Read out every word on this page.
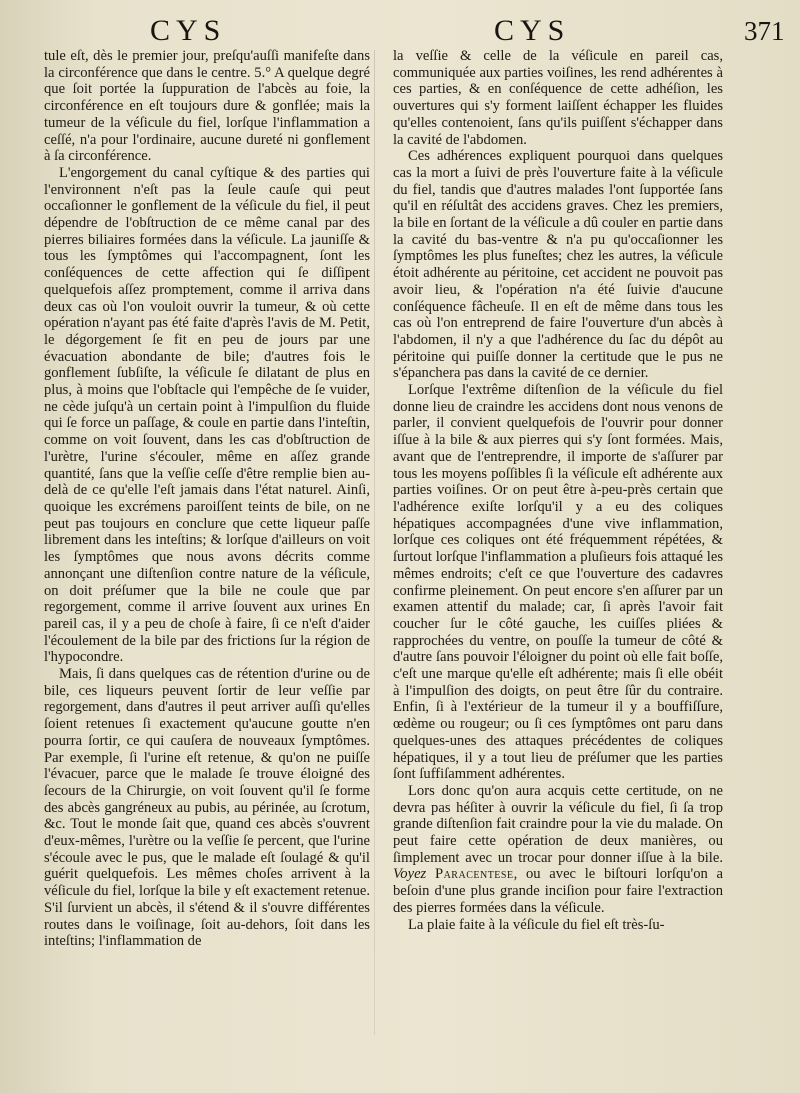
CYS	CYS	371

tule eſt, dès le premier jour, preſqu'auſſi manifeſte dans la circonférence que dans le centre. 5.° A quelque degré que ſoit portée la ſuppuration de l'abcès au foie, la circonférence en eſt toujours dure & gonflée; mais la tumeur de la véſicule du fiel, lorſque l'inflammation a ceſſé, n'a pour l'ordinaire, aucune dureté ni gonflement à ſa circonférence.

L'engorgement du canal cyſtique & des parties qui l'environnent n'eſt pas la ſeule cauſe qui peut occaſionner le gonflement de la véſicule du fiel, il peut dépendre de l'obſtruction de ce même canal par des pierres biliaires formées dans la véſicule. La jauniſſe & tous les ſymptômes qui l'accompagnent, ſont les conſéquences de cette affection qui ſe diſſipent quelquefois aſſez promptement, comme il arriva dans deux cas où l'on vouloit ouvrir la tumeur, & où cette opération n'ayant pas été faite d'après l'avis de M. Petit, le dégorgement ſe fit en peu de jours par une évacuation abondante de bile; d'autres fois le gonflement ſubſiſte, la véſicule ſe dilatant de plus en plus, à moins que l'obſtacle qui l'empêche de ſe vuider, ne cède juſqu'à un certain point à l'impulſion du fluide qui ſe force un paſſage, & coule en partie dans l'inteſtin, comme on voit ſouvent, dans les cas d'obſtruction de l'urètre, l'urine s'écouler, même en aſſez grande quantité, ſans que la veſſie ceſſe d'être remplie bien au-delà de ce qu'elle l'eſt jamais dans l'état naturel. Ainſi, quoique les excrémens paroiſſent teints de bile, on ne peut pas toujours en conclure que cette liqueur paſſe librement dans les inteſtins; & lorſque d'ailleurs on voit les ſymptômes que nous avons décrits comme annonçant une diſtenſion contre nature de la véſicule, on doit préſumer que la bile ne coule que par regorgement, comme il arrive ſouvent aux urines En pareil cas, il y a peu de choſe à faire, ſi ce n'eſt d'aider l'écoulement de la bile par des frictions ſur la région de l'hypocondre.

Mais, ſi dans quelques cas de rétention d'urine ou de bile, ces liqueurs peuvent ſortir de leur veſſie par regorgement, dans d'autres il peut arriver auſſi qu'elles ſoient retenues ſi exactement qu'aucune goutte n'en pourra ſortir, ce qui cauſera de nouveaux ſymptômes. Par exemple, ſi l'urine eſt retenue, & qu'on ne puiſſe l'évacuer, parce que le malade ſe trouve éloigné des ſecours de la Chirurgie, on voit ſouvent qu'il ſe forme des abcès gangréneux au pubis, au périnée, au ſcrotum, &c. Tout le monde ſait que, quand ces abcès s'ouvrent d'eux-mêmes, l'urètre ou la veſſie ſe percent, que l'urine s'écoule avec le pus, que le malade eſt ſoulagé & qu'il guérit quelquefois. Les mêmes choſes arrivent à la véſicule du fiel, lorſque la bile y eſt exactement retenue. S'il ſurvient un abcès, il s'étend & il s'ouvre différentes routes dans le voiſinage, ſoit au-dehors, ſoit dans les inteſtins; l'inflammation de

la veſſie & celle de la véſicule en pareil cas, communiquée aux parties voiſines, les rend adhérentes à ces parties, & en conſéquence de cette adhéſion, les ouvertures qui s'y forment laiſſent échapper les fluides qu'elles contenoient, ſans qu'ils puiſſent s'échapper dans la cavité de l'abdomen.

Ces adhérences expliquent pourquoi dans quelques cas la mort a ſuivi de près l'ouverture faite à la véſicule du fiel, tandis que d'autres malades l'ont ſupportée ſans qu'il en réſultât des accidens graves. Chez les premiers, la bile en ſortant de la véſicule a dû couler en partie dans la cavité du bas-ventre & n'a pu qu'occaſionner les ſymptômes les plus funeſtes; chez les autres, la véſicule étoit adhérente au péritoine, cet accident ne pouvoit pas avoir lieu, & l'opération n'a été ſuivie d'aucune conſéquence fâcheuſe. Il en eſt de même dans tous les cas où l'on entreprend de faire l'ouverture d'un abcès à l'abdomen, il n'y a que l'adhérence du ſac du dépôt au péritoine qui puiſſe donner la certitude que le pus ne s'épanchera pas dans la cavité de ce dernier.

Lorſque l'extrême diſtenſion de la véſicule du fiel donne lieu de craindre les accidens dont nous venons de parler, il convient quelquefois de l'ouvrir pour donner iſſue à la bile & aux pierres qui s'y ſont formées. Mais, avant que de l'entreprendre, il importe de s'aſſurer par tous les moyens poſſibles ſi la véſicule eſt adhérente aux parties voiſines. Or on peut être à-peu-près certain que l'adhérence exiſte lorſqu'il y a eu des coliques hépatiques accompagnées d'une vive inflammation, lorſque ces coliques ont été fréquemment répétées, & ſurtout lorſque l'inflammation a pluſieurs fois attaqué les mêmes endroits; c'eſt ce que l'ouverture des cadavres confirme pleinement. On peut encore s'en aſſurer par un examen attentif du malade; car, ſi après l'avoir fait coucher ſur le côté gauche, les cuiſſes pliées & rapprochées du ventre, on pouſſe la tumeur de côté & d'autre ſans pouvoir l'éloigner du point où elle fait boſſe, c'eſt une marque qu'elle eſt adhérente; mais ſi elle obéit à l'impulſion des doigts, on peut être ſûr du contraire. Enfin, ſi à l'extérieur de la tumeur il y a bouffiſſure, œdème ou rougeur; ou ſi ces ſymptômes ont paru dans quelques-unes des attaques précédentes de coliques hépatiques, il y a tout lieu de préſumer que les parties ſont ſuffiſamment adhérentes.

Lors donc qu'on aura acquis cette certitude, on ne devra pas héſiter à ouvrir la véſicule du fiel, ſi ſa trop grande diſtenſion fait craindre pour la vie du malade. On peut faire cette opération de deux manières, ou ſimplement avec un trocar pour donner iſſue à la bile. Voyez Paracenteſe, ou avec le biſtouri lorſqu'on a beſoin d'une plus grande inciſion pour faire l'extraction des pierres formées dans la véſicule.

La plaie faite à la véſicule du fiel eſt très-ſu-
